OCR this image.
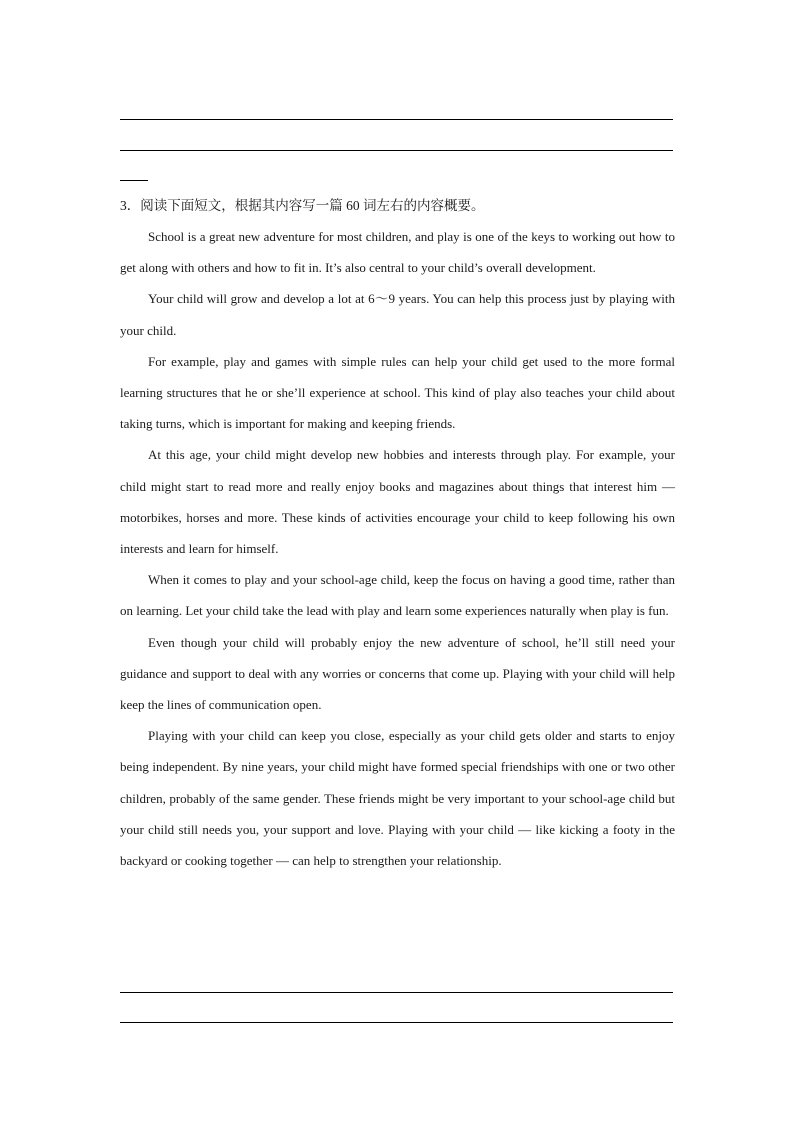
3．阅读下面短文，根据其内容写一篇 60 词左右的内容概要。

School is a great new adventure for most children, and play is one of the keys to working out how to get along with others and how to fit in. It’s also central to your child’s overall development.

Your child will grow and develop a lot at 6～9 years. You can help this process just by playing with your child.

For example, play and games with simple rules can help your child get used to the more formal learning structures that he or she’ll experience at school. This kind of play also teaches your child about taking turns, which is important for making and keeping friends.

At this age, your child might develop new hobbies and interests through play. For example, your child might start to read more and really enjoy books and magazines about things that interest him — motorbikes, horses and more. These kinds of activities encourage your child to keep following his own interests and learn for himself.

When it comes to play and your school-age child, keep the focus on having a good time, rather than on learning. Let your child take the lead with play and learn some experiences naturally when play is fun.

Even though your child will probably enjoy the new adventure of school, he’ll still need your guidance and support to deal with any worries or concerns that come up. Playing with your child will help keep the lines of communication open.

Playing with your child can keep you close, especially as your child gets older and starts to enjoy being independent. By nine years, your child might have formed special friendships with one or two other children, probably of the same gender. These friends might be very important to your school-age child but your child still needs you, your support and love. Playing with your child — like kicking a footy in the backyard or cooking together — can help to strengthen your relationship.
